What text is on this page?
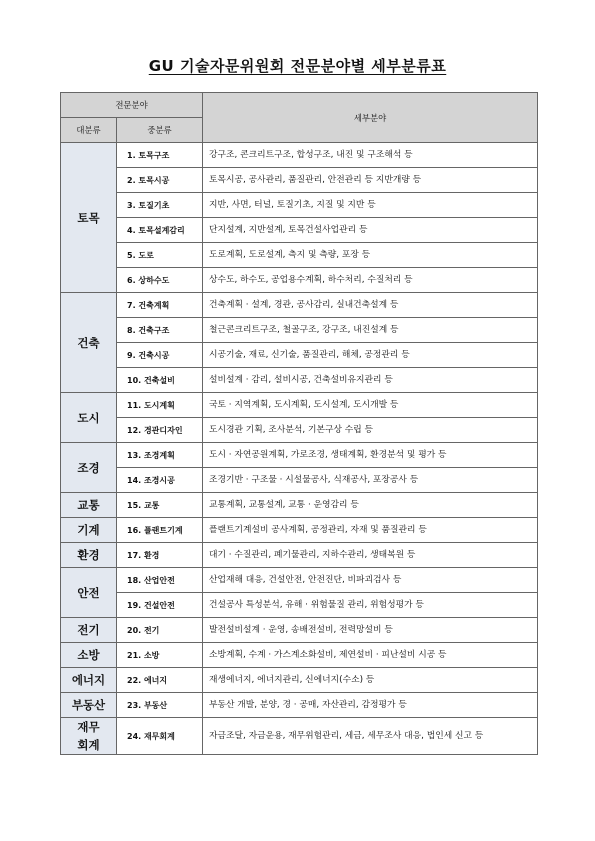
GU 기술자문위원회 전문분야별 세부분류표
전문분야		세부분야
대분류	중분류	
토목	1. 토목구조	강구조, 콘크리트구조, 합성구조, 내진 및 구조해석 등
	2. 토목시공	토목시공, 공사관리, 품질관리, 안전관리 등 지반개량 등
	3. 토질기초	지반, 사면, 터널, 토질기초, 지질 및 지반 등
	4. 토목설계감리	단지설계, 지반설계, 토목건설사업관리 등
	5. 도로	도로계획, 도로설계, 측지 및 측량, 포장 등
	6. 상하수도	상수도, 하수도, 공업용수계획, 하수처리, 수질처리 등
건축	7. 건축계획	건축계획 · 설계, 경관, 공사감리, 실내건축설계 등
	8. 건축구조	철근콘크리트구조, 철골구조, 강구조, 내진설계 등
	9. 건축시공	시공기술, 재료, 신기술, 품질관리, 해체, 공정관리 등
	10. 건축설비	설비설계 · 감리, 설비시공, 건축설비유지관리 등
도시	11. 도시계획	국토 · 지역계획, 도시계획, 도시설계, 도시개발 등
	12. 경관디자인	도시경관 기획, 조사분석, 기본구상 수립 등
조경	13. 조경계획	도시 · 자연공원계획, 가로조경, 생태계획, 환경분석 및 평가 등
	14. 조경시공	조경기반 · 구조물 · 시설물공사, 식재공사, 포장공사 등
교통	15. 교통	교통계획, 교통설계, 교통 · 운영감리 등
기계	16. 플랜트기계	플랜트기계설비 공사계획, 공정관리, 자재 및 품질관리 등
환경	17. 환경	대기 · 수질관리, 폐기물관리, 지하수관리, 생태복원 등
안전	18. 산업안전	산업재해 대응, 건설안전, 안전진단, 비파괴검사 등
	19. 건설안전	건설공사 특성분석, 유해 · 위험물질 관리, 위험성평가 등
전기	20. 전기	발전설비설계 · 운영, 송배전설비, 전력망설비 등
소방	21. 소방	소방계획, 수계 · 가스계소화설비, 제연설비 · 피난설비 시공 등
에너지	22. 에너지	재생에너지, 에너지관리, 신에너지(수소) 등
부동산	23. 부동산	부동산 개발, 분양, 경 · 공매, 자산관리, 감정평가 등
재무
회계	24. 재무회계	자금조달, 자금운용, 재무위험관리, 세금, 세무조사 대응, 법인세 신고 등
